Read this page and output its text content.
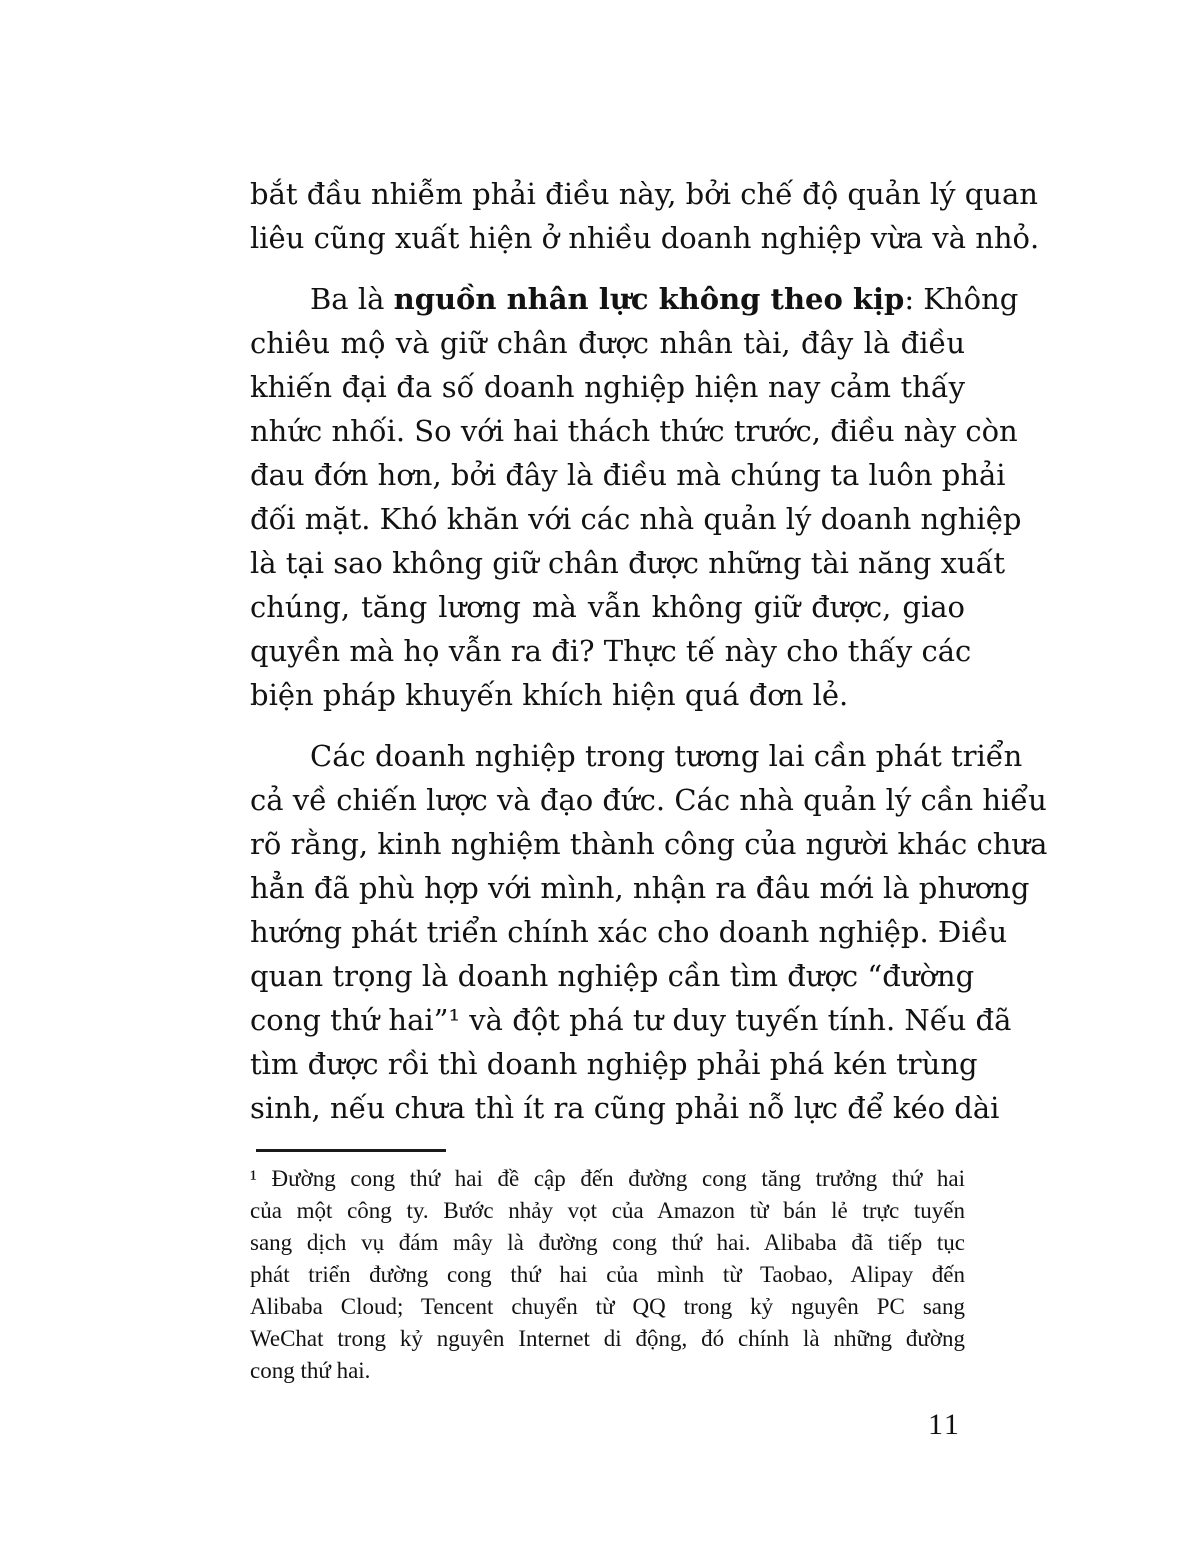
bắt đầu nhiễm phải điều này, bởi chế độ quản lý quan
liêu cũng xuất hiện ở nhiều doanh nghiệp vừa và nhỏ.
Ba là nguồn nhân lực không theo kịp: Không
chiêu mộ và giữ chân được nhân tài, đây là điều
khiến đại đa số doanh nghiệp hiện nay cảm thấy
nhức nhối. So với hai thách thức trước, điều này còn
đau đớn hơn, bởi đây là điều mà chúng ta luôn phải
đối mặt. Khó khăn với các nhà quản lý doanh nghiệp
là tại sao không giữ chân được những tài năng xuất
chúng, tăng lương mà vẫn không giữ được, giao
quyền mà họ vẫn ra đi? Thực tế này cho thấy các
biện pháp khuyến khích hiện quá đơn lẻ.
Các doanh nghiệp trong tương lai cần phát triển
cả về chiến lược và đạo đức. Các nhà quản lý cần hiểu
rõ rằng, kinh nghiệm thành công của người khác chưa
hẳn đã phù hợp với mình, nhận ra đâu mới là phương
hướng phát triển chính xác cho doanh nghiệp. Điều
quan trọng là doanh nghiệp cần tìm được “đường
cong thứ hai”¹ và đột phá tư duy tuyến tính. Nếu đã
tìm được rồi thì doanh nghiệp phải phá kén trùng
sinh, nếu chưa thì ít ra cũng phải nỗ lực để kéo dài
¹ Đường cong thứ hai đề cập đến đường cong tăng trưởng thứ hai
của một công ty. Bước nhảy vọt của Amazon từ bán lẻ trực tuyến
sang dịch vụ đám mây là đường cong thứ hai. Alibaba đã tiếp tục
phát triển đường cong thứ hai của mình từ Taobao, Alipay đến
Alibaba Cloud; Tencent chuyển từ QQ trong kỷ nguyên PC sang
WeChat trong kỷ nguyên Internet di động, đó chính là những đường
cong thứ hai.
11
